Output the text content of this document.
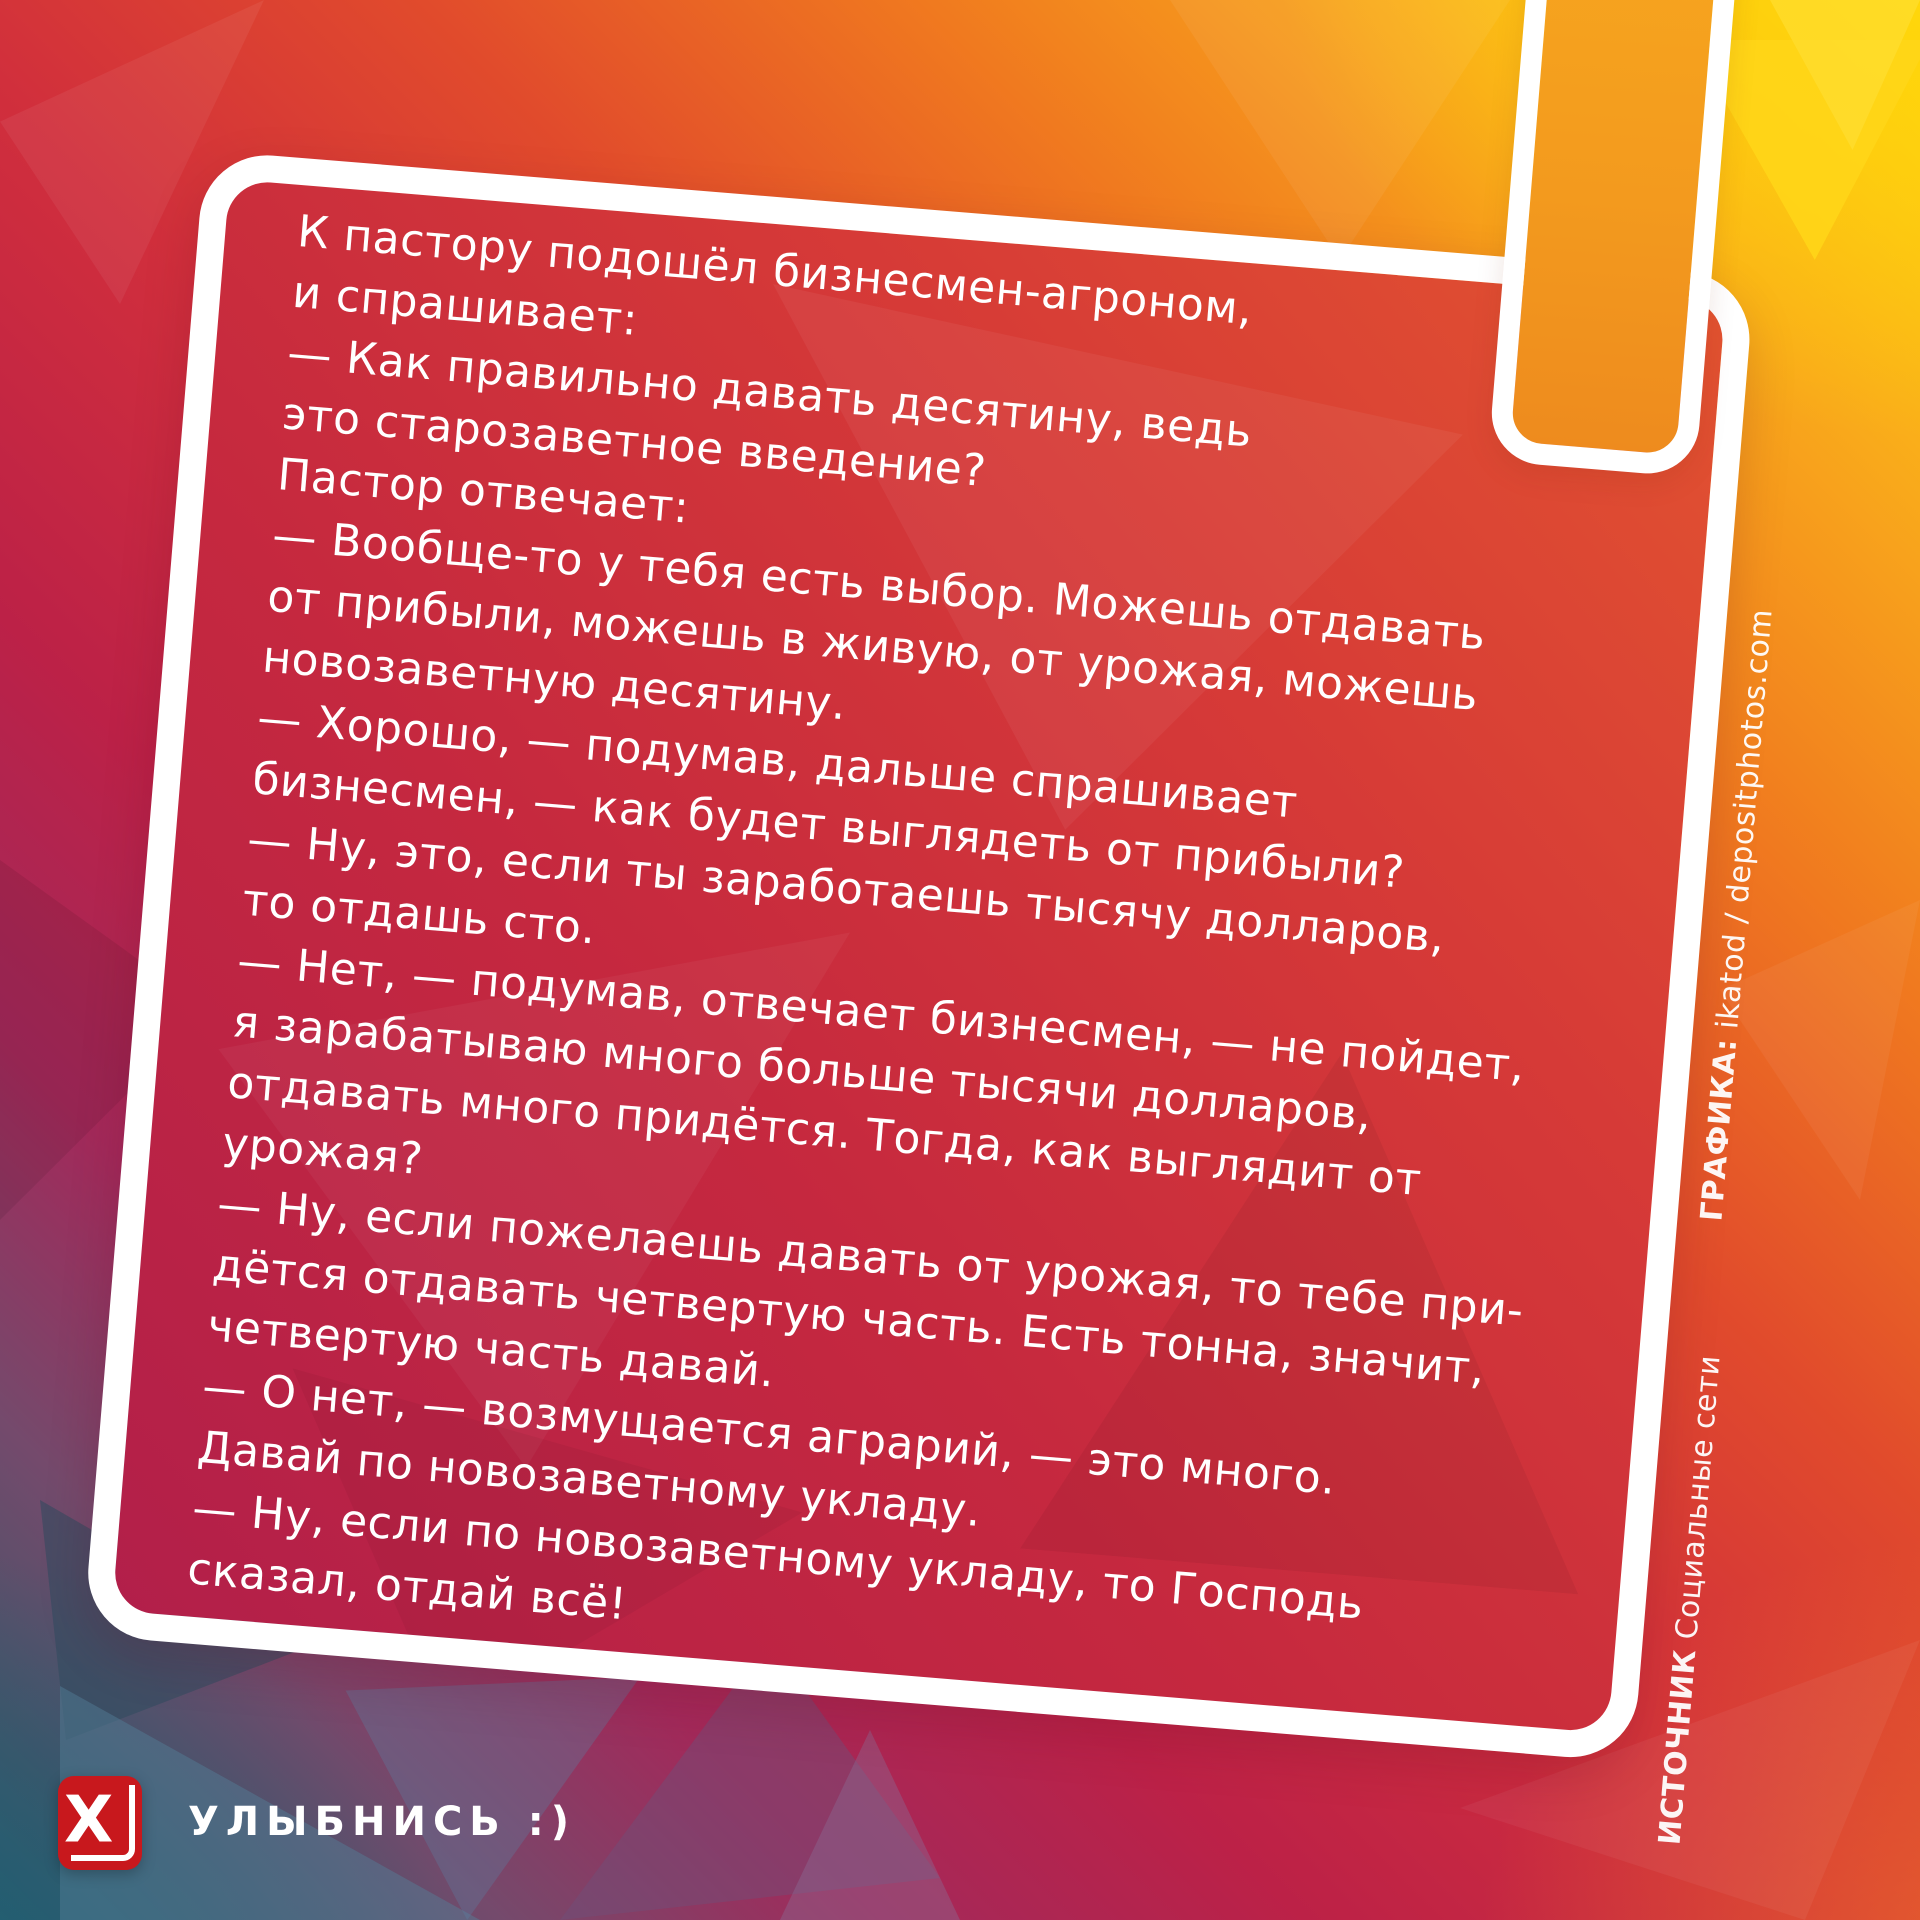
К пастору подошёл бизнесмен-агроном,
и спрашивает:
— Как правильно давать десятину, ведь
это старозаветное введение?
Пастор отвечает:
— Вообще-то у тебя есть выбор. Можешь отдавать
от прибыли, можешь в живую, от урожая, можешь
новозаветную десятину.
— Хорошо, — подумав, дальше спрашивает
бизнесмен, — как будет выглядеть от прибыли?
— Ну, это, если ты заработаешь тысячу долларов,
то отдашь сто.
— Нет, — подумав, отвечает бизнесмен, — не пойдет,
я зарабатываю много больше тысячи долларов,
отдавать много придётся. Тогда, как выглядит от
урожая?
— Ну, если пожелаешь давать от урожая, то тебе при-
дётся отдавать четвертую часть. Есть тонна, значит,
четвертую часть давай.
— О нет, — возмущается аграрий, — это много.
Давай по новозаветному укладу.
— Ну, если по новозаветному укладу, то Господь
сказал, отдай всё!
ГРАФИКА: ikatod / depositphotos.com
ИСТОЧНИК Социальные сети
X УЛЫБНИСЬ :)
